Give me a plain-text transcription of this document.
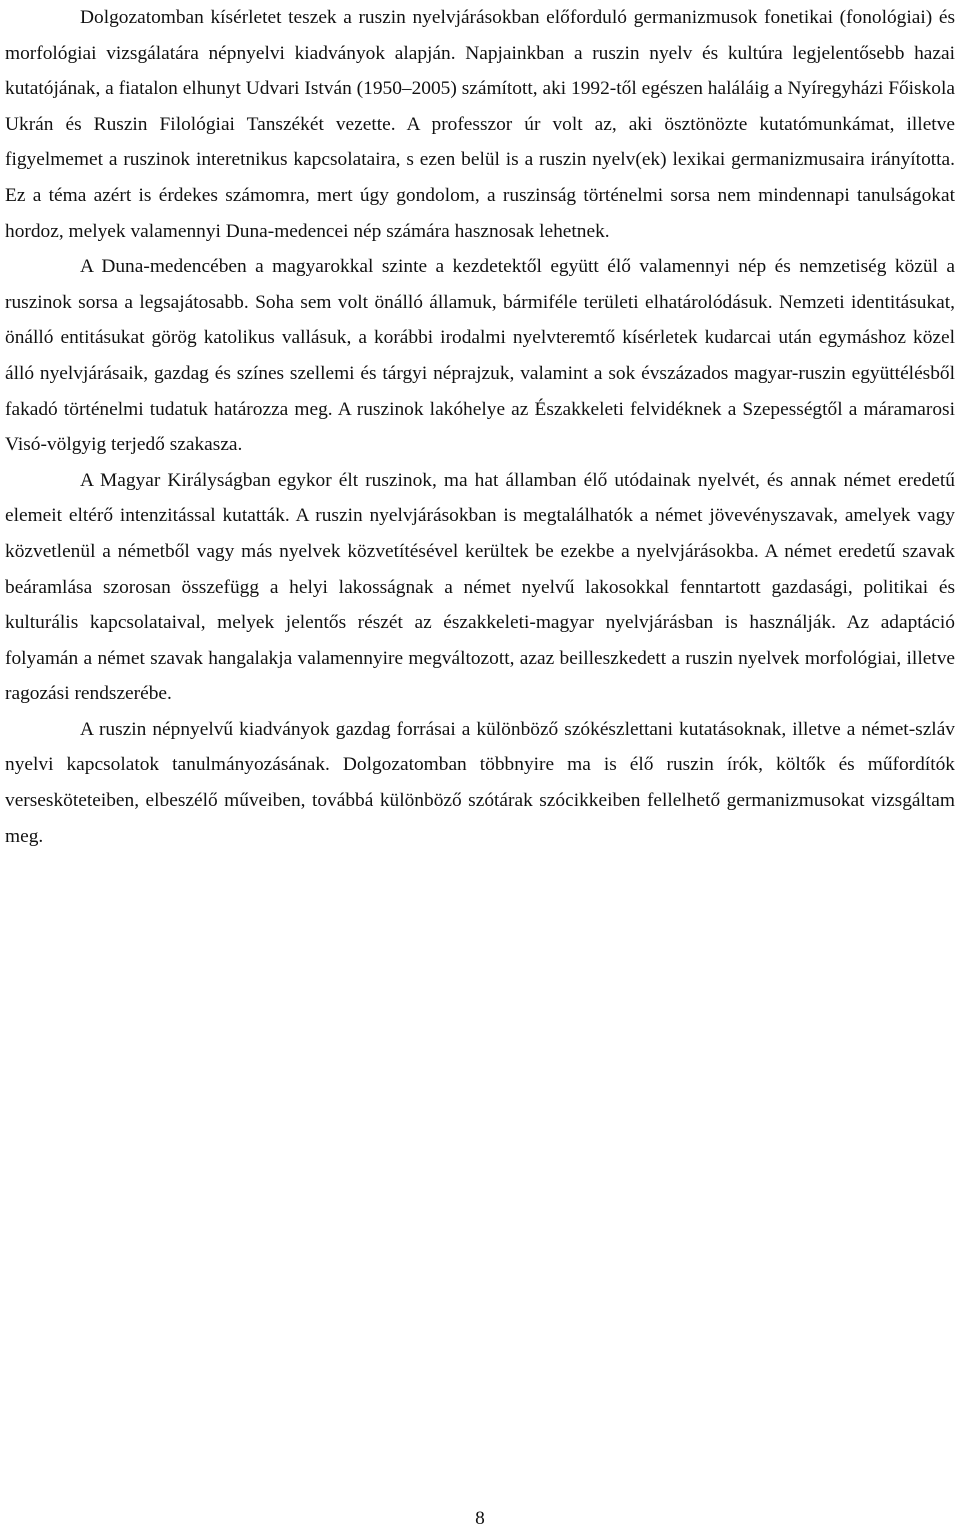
Dolgozatomban kísérletet teszek a ruszin nyelvjárásokban előforduló germanizmusok fonetikai (fonológiai) és morfológiai vizsgálatára népnyelvi kiadványok alapján. Napjainkban a ruszin nyelv és kultúra legjelentősebb hazai kutatójának, a fiatalon elhunyt Udvari István (1950–2005) számított, aki 1992-től egészen haláláig a Nyíregyházi Főiskola Ukrán és Ruszin Filológiai Tanszékét vezette. A professzor úr volt az, aki ösztönözte kutatómunkámat, illetve figyelmemet a ruszinok interetnikus kapcsolataira, s ezen belül is a ruszin nyelv(ek) lexikai germanizmusaira irányította. Ez a téma azért is érdekes számomra, mert úgy gondolom, a ruszinság történelmi sorsa nem mindennapi tanulságokat hordoz, melyek valamennyi Duna-medencei nép számára hasznosak lehetnek.

A Duna-medencében a magyarokkal szinte a kezdetektől együtt élő valamennyi nép és nemzetiség közül a ruszinok sorsa a legsajátosabb. Soha sem volt önálló államuk, bármiféle területi elhatárolódásuk. Nemzeti identitásukat, önálló entitásukat görög katolikus vallásuk, a korábbi irodalmi nyelvteremtő kísérletek kudarcai után egymáshoz közel álló nyelvjárásaik, gazdag és színes szellemi és tárgyi néprajzuk, valamint a sok évszázados magyar-ruszin együttélésből fakadó történelmi tudatuk határozza meg. A ruszinok lakóhelye az Északkeleti felvidéknek a Szepességtől a máramarosi Visó-völgyig terjedő szakasza.

A Magyar Királyságban egykor élt ruszinok, ma hat államban élő utódainak nyelvét, és annak német eredetű elemeit eltérő intenzitással kutatták. A ruszin nyelvjárásokban is megtalálhatók a német jövevényszavak, amelyek vagy közvetlenül a németből vagy más nyelvek közvetítésével kerültek be ezekbe a nyelvjárásokba. A német eredetű szavak beáramlása szorosan összefügg a helyi lakosságnak a német nyelvű lakosokkal fenntartott gazdasági, politikai és kulturális kapcsolataival, melyek jelentős részét az északkeleti-magyar nyelvjárásban is használják. Az adaptáció folyamán a német szavak hangalakja valamennyire megváltozott, azaz beilleszkedett a ruszin nyelvek morfológiai, illetve ragozási rendszerébe.

A ruszin népnyelvű kiadványok gazdag forrásai a különböző szókészlettani kutatásoknak, illetve a német-szláv nyelvi kapcsolatok tanulmányozásának. Dolgozatomban többnyire ma is élő ruszin írók, költők és műfordítók versesköteteiben, elbeszélő műveiben, továbbá különböző szótárak szócikkeiben fellelhető germanizmusokat vizsgáltam meg.

8
